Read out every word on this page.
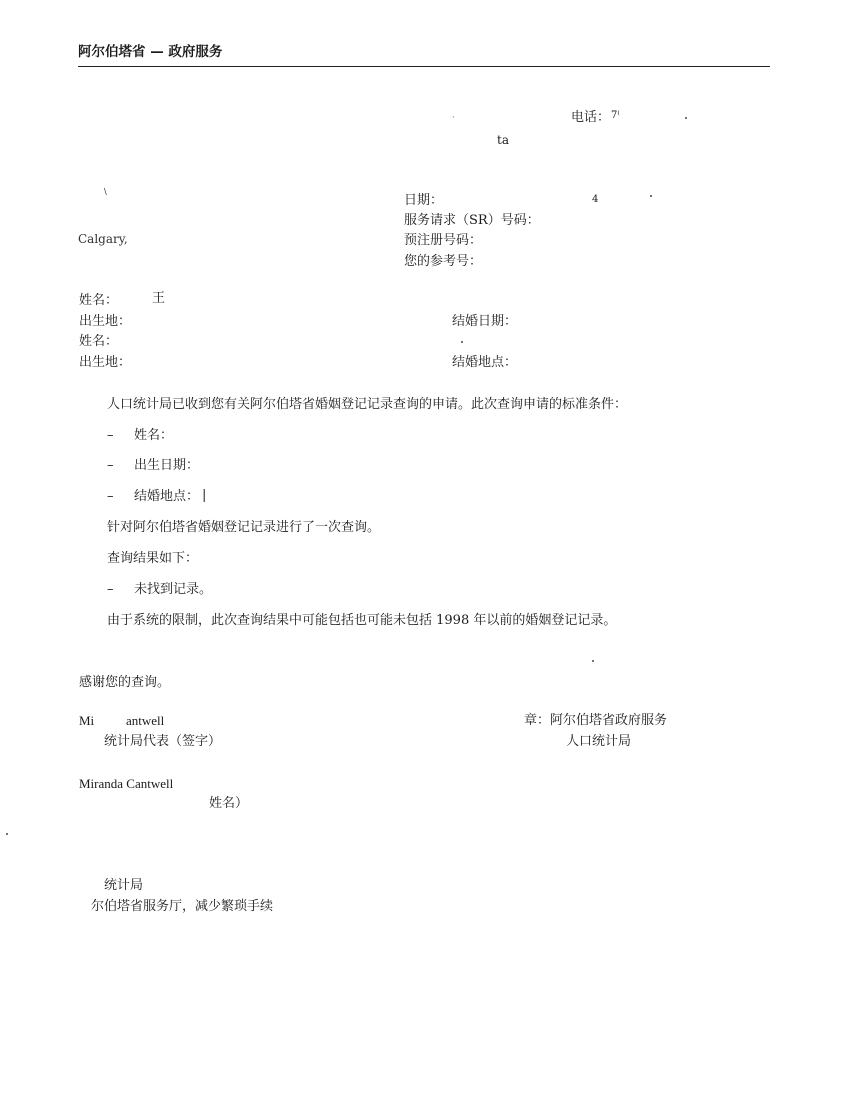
阿尔伯塔省 — 政府服务
·	电话： 7⁽
ta
\
Calgary,
日期：	4
服务请求（SR）号码：
预注册号码：
您的参考号：
姓名：	王
出生地：	结婚日期：
姓名：
出生地：	结婚地点：
人口统计局已收到您有关阿尔伯塔省婚姻登记记录查询的申请。此次查询申请的标准条件：
– 姓名：
– 出生日期：
– 结婚地点： |
针对阿尔伯塔省婚姻登记记录进行了一次查询。
查询结果如下：
– 未找到记录。
由于系统的限制，此次查询结果中可能包括也可能未包括 1998 年以前的婚姻登记记录。
感谢您的查询。
Mi antwell
统计局代表（签字）
章：阿尔伯塔省政府服务
人口统计局
Miranda Cantwell
姓名）
统计局
尔伯塔省服务厅，减少繁琐手续
